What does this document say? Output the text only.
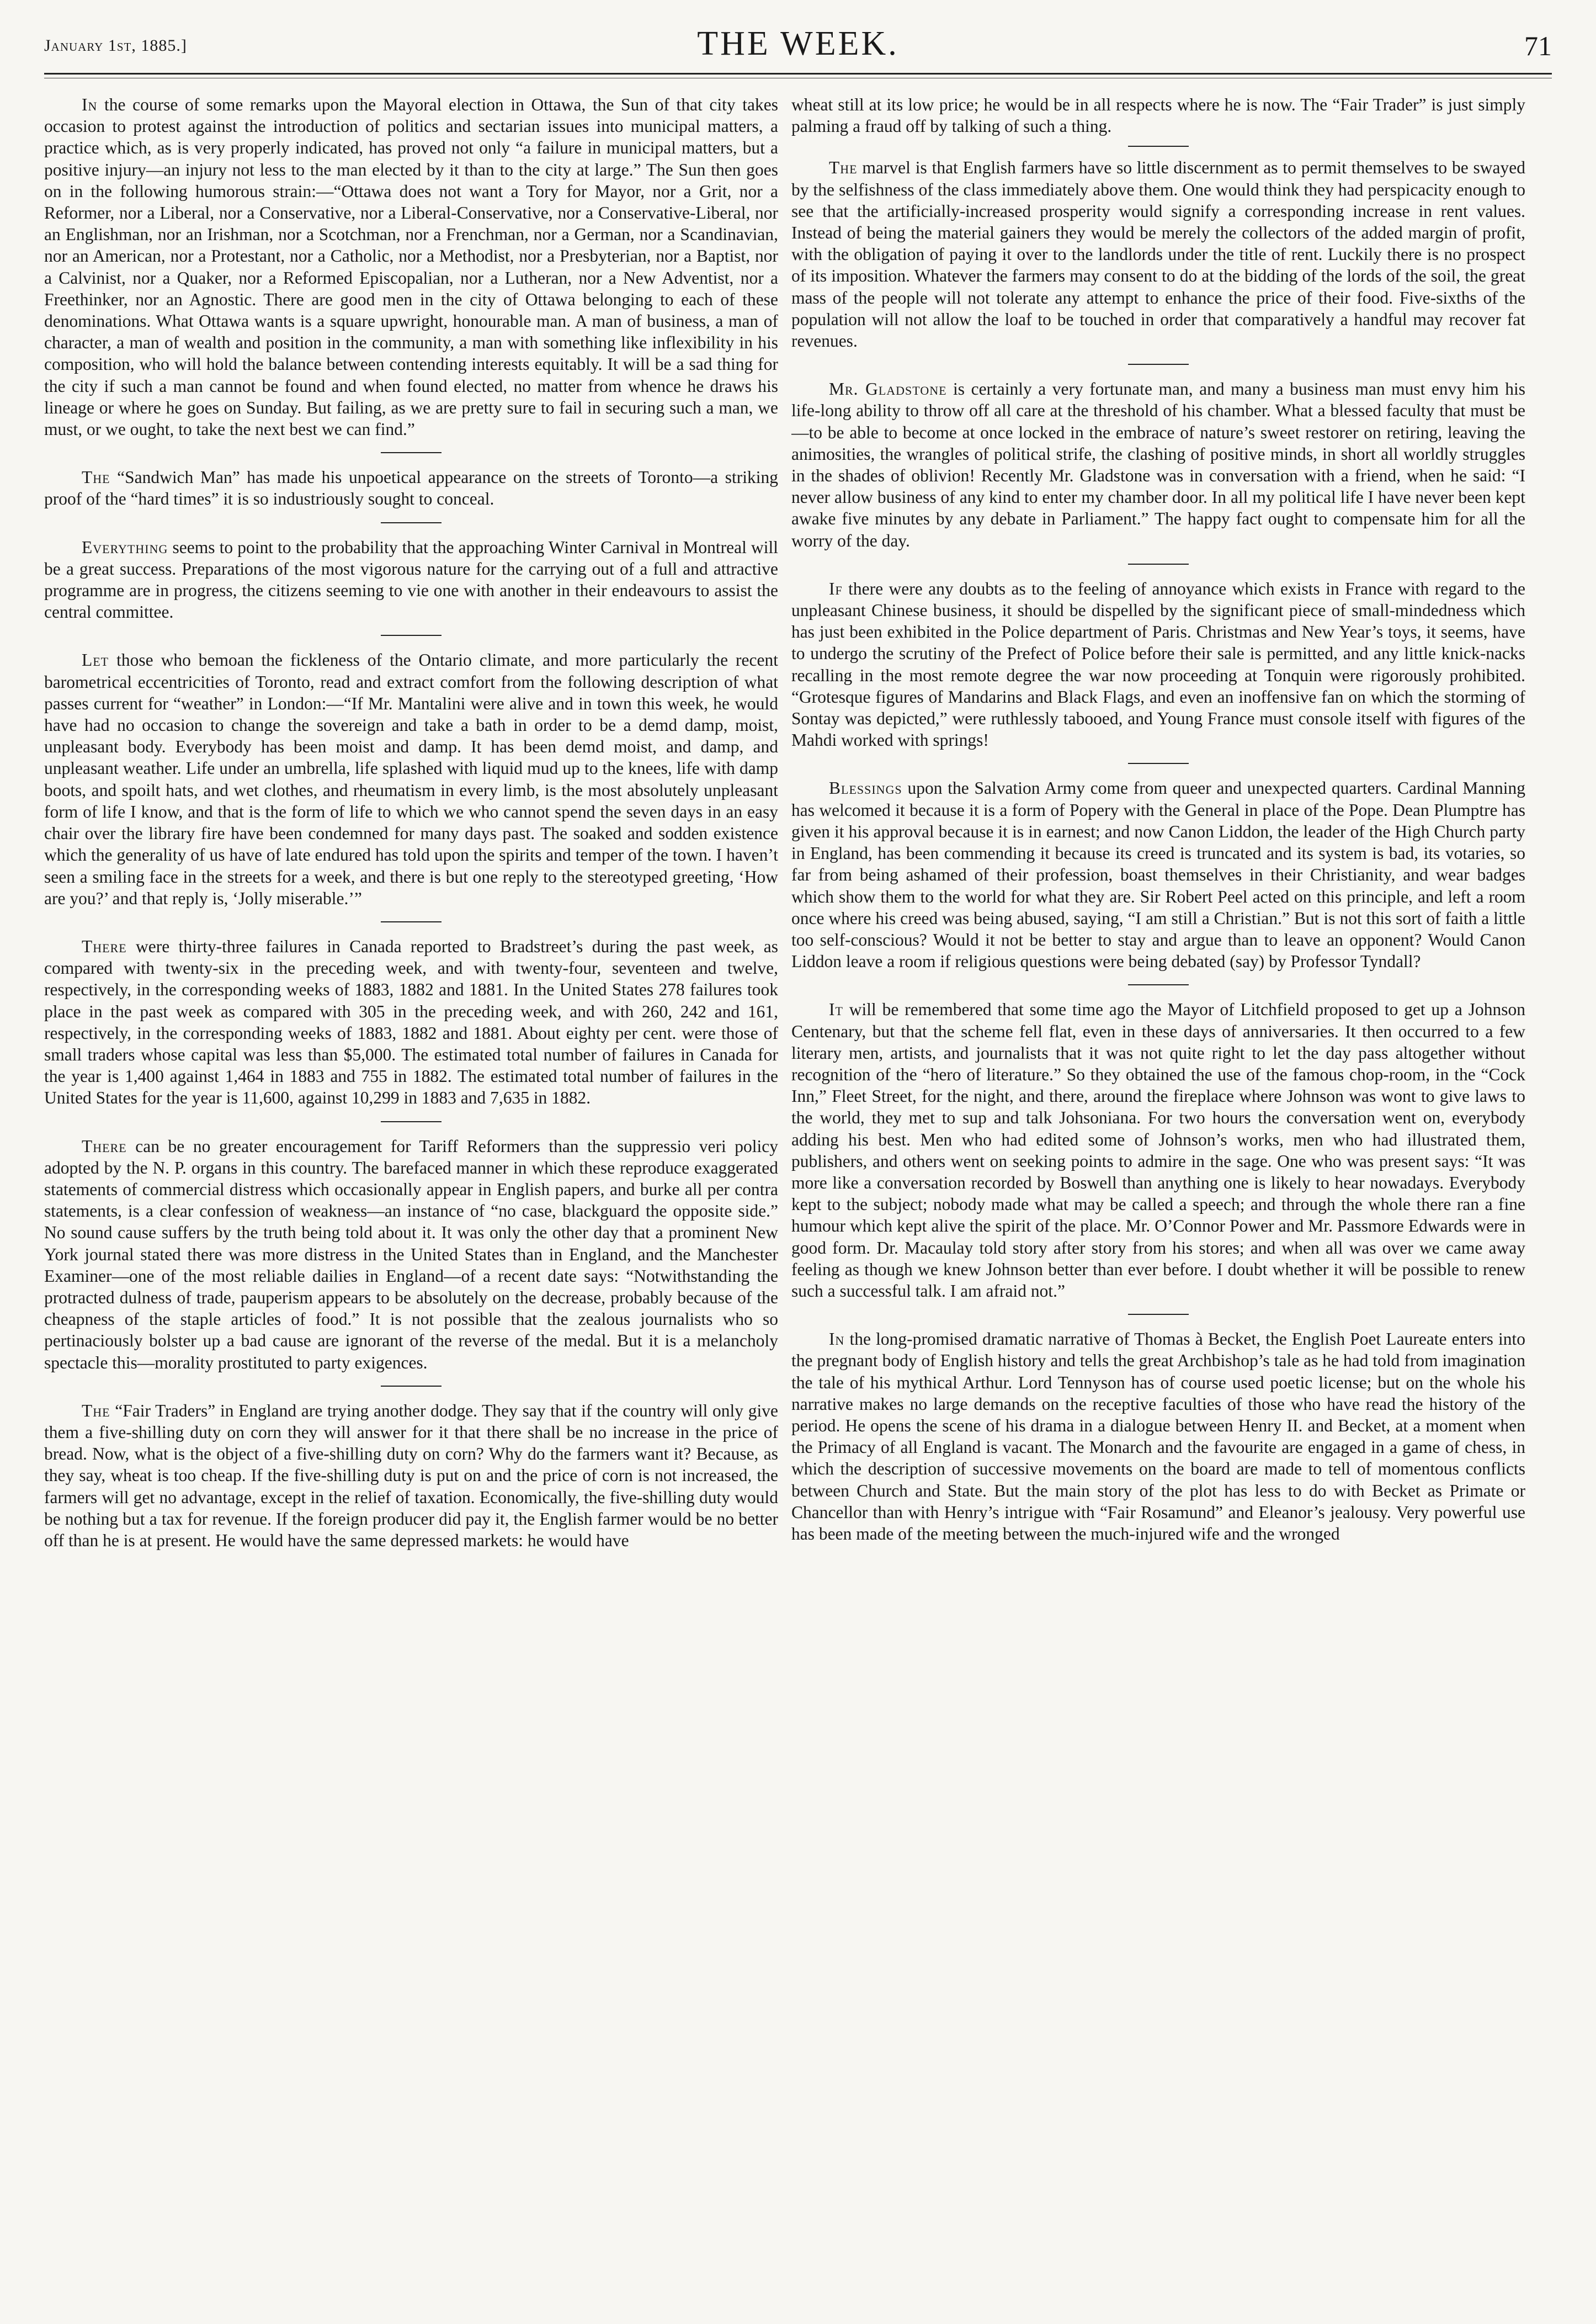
January 1st, 1885.]	THE WEEK.	71

In the course of some remarks upon the Mayoral election in Ottawa, the Sun of that city takes occasion to protest against the introduction of politics and sectarian issues into municipal matters, a practice which, as is very properly indicated, has proved not only “a failure in municipal matters, but a positive injury—an injury not less to the man elected by it than to the city at large.” The Sun then goes on in the following humorous strain:—“Ottawa does not want a Tory for Mayor, nor a Grit, nor a Reformer, nor a Liberal, nor a Conservative, nor a Liberal-Conservative, nor a Conservative-Liberal, nor an Englishman, nor an Irishman, nor a Scotchman, nor a Frenchman, nor a German, nor a Scandinavian, nor an American, nor a Protestant, nor a Catholic, nor a Methodist, nor a Presbyterian, nor a Baptist, nor a Calvinist, nor a Quaker, nor a Reformed Episcopalian, nor a Lutheran, nor a New Adventist, nor a Freethinker, nor an Agnostic. There are good men in the city of Ottawa belonging to each of these denominations. What Ottawa wants is a square upwright, honourable man. A man of business, a man of character, a man of wealth and position in the community, a man with something like inflexibility in his composition, who will hold the balance between contending interests equitably. It will be a sad thing for the city if such a man cannot be found and when found elected, no matter from whence he draws his lineage or where he goes on Sunday. But failing, as we are pretty sure to fail in securing such a man, we must, or we ought, to take the next best we can find.”

The “Sandwich Man” has made his unpoetical appearance on the streets of Toronto—a striking proof of the “hard times” it is so industriously sought to conceal.

Everything seems to point to the probability that the approaching Winter Carnival in Montreal will be a great success. Preparations of the most vigorous nature for the carrying out of a full and attractive programme are in progress, the citizens seeming to vie one with another in their endeavours to assist the central committee.

Let those who bemoan the fickleness of the Ontario climate, and more particularly the recent barometrical eccentricities of Toronto, read and extract comfort from the following description of what passes current for “weather” in London:—“If Mr. Mantalini were alive and in town this week, he would have had no occasion to change the sovereign and take a bath in order to be a demd damp, moist, unpleasant body. Everybody has been moist and damp. It has been demd moist, and damp, and unpleasant weather. Life under an umbrella, life splashed with liquid mud up to the knees, life with damp boots, and spoilt hats, and wet clothes, and rheumatism in every limb, is the most absolutely unpleasant form of life I know, and that is the form of life to which we who cannot spend the seven days in an easy chair over the library fire have been condemned for many days past. The soaked and sodden existence which the generality of us have of late endured has told upon the spirits and temper of the town. I haven’t seen a smiling face in the streets for a week, and there is but one reply to the stereotyped greeting, ‘How are you?’ and that reply is, ‘Jolly miserable.’”

There were thirty-three failures in Canada reported to Bradstreet’s during the past week, as compared with twenty-six in the preceding week, and with twenty-four, seventeen and twelve, respectively, in the corresponding weeks of 1883, 1882 and 1881. In the United States 278 failures took place in the past week as compared with 305 in the preceding week, and with 260, 242 and 161, respectively, in the corresponding weeks of 1883, 1882 and 1881. About eighty per cent. were those of small traders whose capital was less than $5,000. The estimated total number of failures in Canada for the year is 1,400 against 1,464 in 1883 and 755 in 1882. The estimated total number of failures in the United States for the year is 11,600, against 10,299 in 1883 and 7,635 in 1882.

There can be no greater encouragement for Tariff Reformers than the suppressio veri policy adopted by the N. P. organs in this country. The barefaced manner in which these reproduce exaggerated statements of commercial distress which occasionally appear in English papers, and burke all per contra statements, is a clear confession of weakness—an instance of “no case, blackguard the opposite side.” No sound cause suffers by the truth being told about it. It was only the other day that a prominent New York journal stated there was more distress in the United States than in England, and the Manchester Examiner—one of the most reliable dailies in England—of a recent date says: “Notwithstanding the protracted dulness of trade, pauperism appears to be absolutely on the decrease, probably because of the cheapness of the staple articles of food.” It is not possible that the zealous journalists who so pertinaciously bolster up a bad cause are ignorant of the reverse of the medal. But it is a melancholy spectacle this—morality prostituted to party exigences.

The “Fair Traders” in England are trying another dodge. They say that if the country will only give them a five-shilling duty on corn they will answer for it that there shall be no increase in the price of bread. Now, what is the object of a five-shilling duty on corn? Why do the farmers want it? Because, as they say, wheat is too cheap. If the five-shilling duty is put on and the price of corn is not increased, the farmers will get no advantage, except in the relief of taxation. Economically, the five-shilling duty would be nothing but a tax for revenue. If the foreign producer did pay it, the English farmer would be no better off than he is at present. He would have the same depressed markets: he would have

wheat still at its low price; he would be in all respects where he is now. The “Fair Trader” is just simply palming a fraud off by talking of such a thing.

The marvel is that English farmers have so little discernment as to permit themselves to be swayed by the selfishness of the class immediately above them. One would think they had perspicacity enough to see that the artificially-increased prosperity would signify a corresponding increase in rent values. Instead of being the material gainers they would be merely the collectors of the added margin of profit, with the obligation of paying it over to the landlords under the title of rent. Luckily there is no prospect of its imposition. Whatever the farmers may consent to do at the bidding of the lords of the soil, the great mass of the people will not tolerate any attempt to enhance the price of their food. Five-sixths of the population will not allow the loaf to be touched in order that comparatively a handful may recover fat revenues.

Mr. Gladstone is certainly a very fortunate man, and many a business man must envy him his life-long ability to throw off all care at the threshold of his chamber. What a blessed faculty that must be—to be able to become at once locked in the embrace of nature’s sweet restorer on retiring, leaving the animosities, the wrangles of political strife, the clashing of positive minds, in short all worldly struggles in the shades of oblivion! Recently Mr. Gladstone was in conversation with a friend, when he said: “I never allow business of any kind to enter my chamber door. In all my political life I have never been kept awake five minutes by any debate in Parliament.” The happy fact ought to compensate him for all the worry of the day.

If there were any doubts as to the feeling of annoyance which exists in France with regard to the unpleasant Chinese business, it should be dispelled by the significant piece of small-mindedness which has just been exhibited in the Police department of Paris. Christmas and New Year’s toys, it seems, have to undergo the scrutiny of the Prefect of Police before their sale is permitted, and any little knick-nacks recalling in the most remote degree the war now proceeding at Tonquin were rigorously prohibited. “Grotesque figures of Mandarins and Black Flags, and even an inoffensive fan on which the storming of Sontay was depicted,” were ruthlessly tabooed, and Young France must console itself with figures of the Mahdi worked with springs!

Blessings upon the Salvation Army come from queer and unexpected quarters. Cardinal Manning has welcomed it because it is a form of Popery with the General in place of the Pope. Dean Plumptre has given it his approval because it is in earnest; and now Canon Liddon, the leader of the High Church party in England, has been commending it because its creed is truncated and its system is bad, its votaries, so far from being ashamed of their profession, boast themselves in their Christianity, and wear badges which show them to the world for what they are. Sir Robert Peel acted on this principle, and left a room once where his creed was being abused, saying, “I am still a Christian.” But is not this sort of faith a little too self-conscious? Would it not be better to stay and argue than to leave an opponent? Would Canon Liddon leave a room if religious questions were being debated (say) by Professor Tyndall?

It will be remembered that some time ago the Mayor of Litchfield proposed to get up a Johnson Centenary, but that the scheme fell flat, even in these days of anniversaries. It then occurred to a few literary men, artists, and journalists that it was not quite right to let the day pass altogether without recognition of the “hero of literature.” So they obtained the use of the famous chop-room, in the “Cock Inn,” Fleet Street, for the night, and there, around the fireplace where Johnson was wont to give laws to the world, they met to sup and talk Johsoniana. For two hours the conversation went on, everybody adding his best. Men who had edited some of Johnson’s works, men who had illustrated them, publishers, and others went on seeking points to admire in the sage. One who was present says: “It was more like a conversation recorded by Boswell than anything one is likely to hear nowadays. Everybody kept to the subject; nobody made what may be called a speech; and through the whole there ran a fine humour which kept alive the spirit of the place. Mr. O’Connor Power and Mr. Passmore Edwards were in good form. Dr. Macaulay told story after story from his stores; and when all was over we came away feeling as though we knew Johnson better than ever before. I doubt whether it will be possible to renew such a successful talk. I am afraid not.”

In the long-promised dramatic narrative of Thomas à Becket, the English Poet Laureate enters into the pregnant body of English history and tells the great Archbishop’s tale as he had told from imagination the tale of his mythical Arthur. Lord Tennyson has of course used poetic license; but on the whole his narrative makes no large demands on the receptive faculties of those who have read the history of the period. He opens the scene of his drama in a dialogue between Henry II. and Becket, at a moment when the Primacy of all England is vacant. The Monarch and the favourite are engaged in a game of chess, in which the description of successive movements on the board are made to tell of momentous conflicts between Church and State. But the main story of the plot has less to do with Becket as Primate or Chancellor than with Henry’s intrigue with “Fair Rosamund” and Eleanor’s jealousy. Very powerful use has been made of the meeting between the much-injured wife and the wronged
